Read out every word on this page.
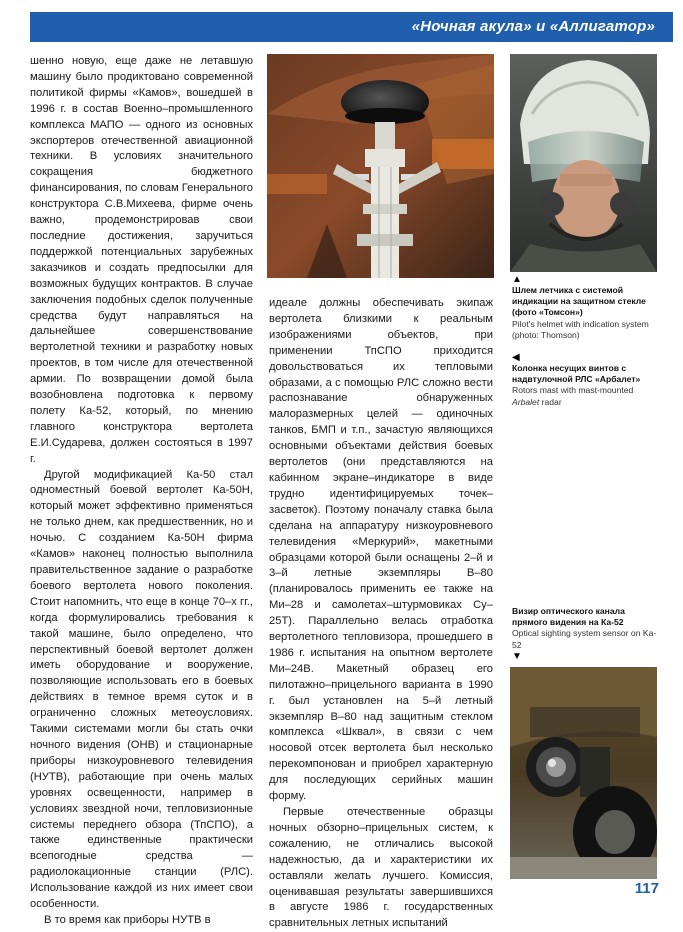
«Ночная акула» и «Аллигатор»

шенно новую, еще даже не летавшую машину было продиктовано современной политикой фирмы «Камов», вошедшей в 1996 г. в состав Военно–промышленного комплекса МАПО — одного из основных экспортеров отечественной авиационной техники. В условиях значительного сокращения бюджетного финансирования, по словам Генерального конструктора С.В.Михеева, фирме очень важно, продемонстрировав свои последние достижения, заручиться поддержкой потенциальных зарубежных заказчиков и создать предпосылки для возможных будущих контрактов. В случае заключения подобных сделок полученные средства будут направляться на дальнейшее совершенствование вертолетной техники и разработку новых проектов, в том числе для отечественной армии. По возвращении домой была возобновлена подготовка к первому полету Ка-52, который, по мнению главного конструктора вертолета Е.И.Сударева, должен состояться в 1997 г.

Другой модификацией Ка-50 стал одноместный боевой вертолет Ка-50Н, который может эффективно применяться не только днем, как предшественник, но и ночью. С созданием Ка-50Н фирма «Камов» наконец полностью выполнила правительственное задание о разработке боевого вертолета нового поколения. Стоит напомнить, что еще в конце 70–х гг., когда формулировались требования к такой машине, было определено, что перспективный боевой вертолет должен иметь оборудование и вооружение, позволяющие использовать его в боевых действиях в темное время суток и в ограниченно сложных метеоусловиях. Такими системами могли бы стать очки ночного видения (ОНВ) и стационарные приборы низкоуровневого телевидения (НУТВ), работающие при очень малых уровнях освещенности, например в условиях звездной ночи, тепловизионные системы переднего обзора (ТпСПО), а также единственные практически всепогодные средства — радиолокационные станции (РЛС). Использование каждой из них имеет свои особенности.

В то время как приборы НУТВ в

▲
Шлем летчика с системой индикации на защитном стекле (фото «Томсон»)
Pilot's helmet with indication system (photo: Thomson)
◀
Колонка несущих винтов с надвтулочной РЛС «Арбалет»
Rotors mast with mast-mounted Arbalet radar
Визир оптического канала прямого видения на Ка-52
Optical sighting system sensor on Ka-52
▼

идеале должны обеспечивать экипаж вертолета близкими к реальным изображениями объектов, при применении ТпСПО приходится довольствоваться их тепловыми образами, а с помощью РЛС сложно вести распознавание обнаруженных малоразмерных целей — одиночных танков, БМП и т.п., зачастую являющихся основными объектами действия боевых вертолетов (они представляются на кабинном экране–индикаторе в виде трудно идентифицируемых точек–засветок). Поэтому поначалу ставка была сделана на аппаратуру низкоуровневого телевидения «Меркурий», макетными образцами которой были оснащены 2–й и 3–й летные экземпляры В–80 (планировалось применить ее также на Ми–28 и самолетах–штурмовиках Су–25Т). Параллельно велась отработка вертолетного тепловизора, прошедшего в 1986 г. испытания на опытном вертолете Ми–24В. Макетный образец его пилотажно–прицельного варианта в 1990 г. был установлен на 5–й летный экземпляр В–80 над защитным стеклом комплекса «Шквал», в связи с чем носовой отсек вертолета был несколько перекомпонован и приобрел характерную для последующих серийных машин форму.

Первые отечественные образцы ночных обзорно–прицельных систем, к сожалению, не отличались высокой надежностью, да и характеристики их оставляли желать лучшего. Комиссия, оценивавшая результаты завершившихся в августе 1986 г. государственных сравнительных летных испытаний

117
